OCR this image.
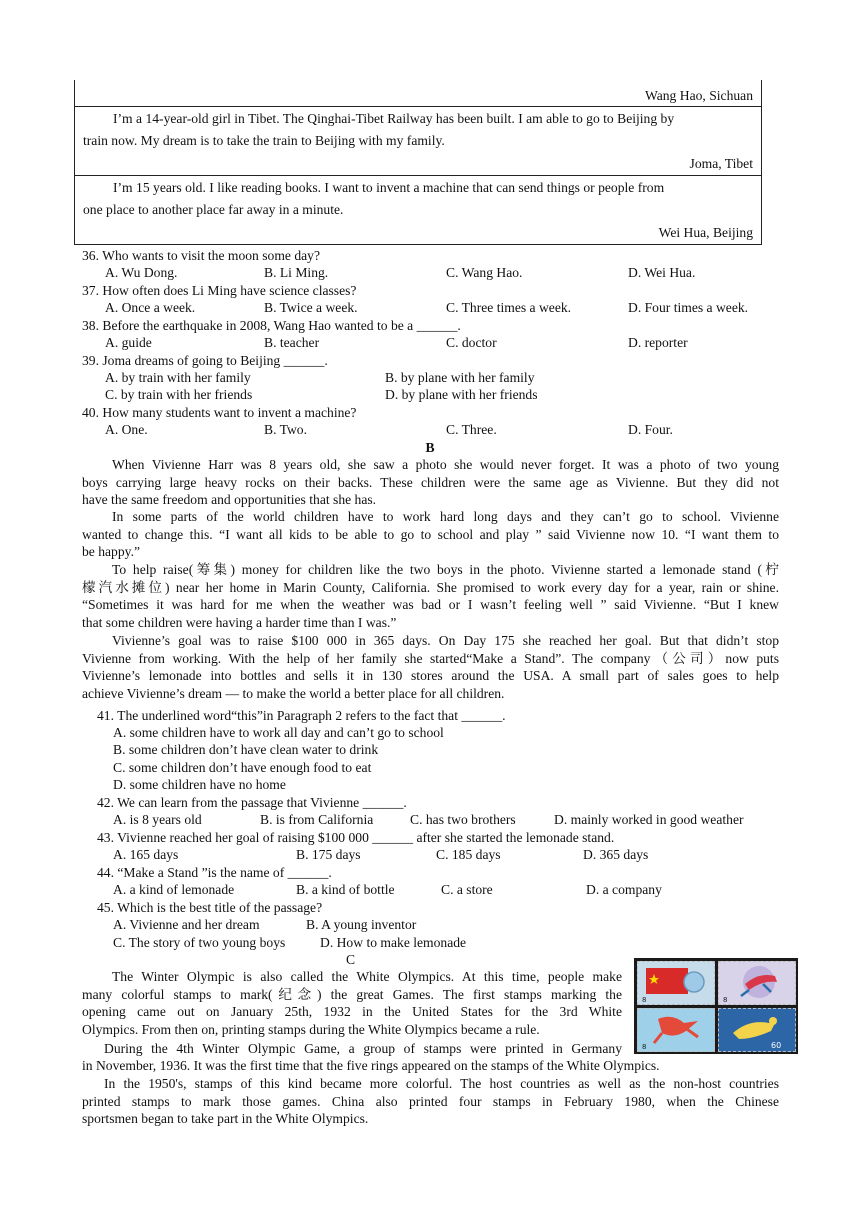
Wang Hao, Sichuan
I’m a 14-year-old girl in Tibet. The Qinghai-Tibet Railway has been built. I am able to go to Beijing by
train now. My dream is to take the train to Beijing with my family.
Joma, Tibet
I’m 15 years old. I like reading books. I want to invent a machine that can send things or people from
one place to another place far away in a minute.
Wei Hua, Beijing
36. Who wants to visit the moon some day?
A. Wu Dong.	B. Li Ming.	C. Wang Hao.	D. Wei Hua.
37. How often does Li Ming have science classes?
A. Once a week.	B. Twice a week.	C. Three times a week.	D. Four times a week.
38. Before the earthquake in 2008, Wang Hao wanted to be a ______.
A. guide	B. teacher	C. doctor	D. reporter
39. Joma dreams of going to Beijing ______.
A. by train with her family	B. by plane with her family
C. by train with her friends	D. by plane with her friends
40. How many students want to invent a machine?
A. One.	B. Two.	C. Three.	D. Four.
B
When Vivienne Harr was 8 years old, she saw a photo she would never forget. It was a photo of two young
boys carrying large heavy rocks on their backs. These children were the same age as Vivienne. But they did not
have the same freedom and opportunities that she has.
In some parts of the world children have to work hard long days and they can’t go to school. Vivienne
wanted to change this. “I want all kids to be able to go to school and play ” said Vivienne now 10. “I want them to
be happy.”
To help raise(筹集) money for children like the two boys in the photo. Vivienne started a lemonade stand (柠
檬汽水摊位) near her home in Marin County, California. She promised to work every day for a year, rain or shine.
“Sometimes it was hard for me when the weather was bad or I wasn’t feeling well ” said Vivienne. “But I knew
that some children were having a harder time than I was.”
Vivienne’s goal was to raise $100 000 in 365 days. On Day 175 she reached her goal. But that didn’t stop
Vivienne from working. With the help of her family she started“Make a Stand”. The company（公司）now puts
Vivienne’s lemonade into bottles and sells it in 130 stores around the USA. A small part of sales goes to help
achieve Vivienne’s dream — to make the world a better place for all children.
41. The underlined word“this”in Paragraph 2 refers to the fact that ______.
A. some children have to work all day and can’t go to school
B. some children don’t have clean water to drink
C. some children don’t have enough food to eat
D. some children have no home
42. We can learn from the passage that Vivienne ______.
A. is 8 years old	B. is from California	C. has two brothers	D. mainly worked in good weather
43. Vivienne reached her goal of raising $100 000 ______ after she started the lemonade stand.
A. 165 days	B. 175 days	C. 185 days	D. 365 days
44. “Make a Stand ”is the name of ______.
A. a kind of lemonade	B. a kind of bottle	C. a store	D. a company
45. Which is the best title of the passage?
A. Vivienne and her dream	B. A young inventor
C. The story of two young boys	D. How to make lemonade
C
The Winter Olympic is also called the White Olympics. At this time, people make
many colorful stamps to mark(纪念) the great Games. The first stamps marking the
opening came out on January 25th, 1932 in the United States for the 3rd White
Olympics. From then on, printing stamps during the White Olympics became a rule.
During the 4th Winter Olympic Game, a group of stamps were printed in Germany
in November, 1936. It was the first time that the five rings appeared on the stamps of the White Olympics.
In the 1950's, stamps of this kind became more colorful. The host countries as well as the non-host countries
printed stamps to mark those games. China also printed four stamps in February 1980, when the Chinese
sportsmen began to take part in the White Olympics.
8	8
8	60
